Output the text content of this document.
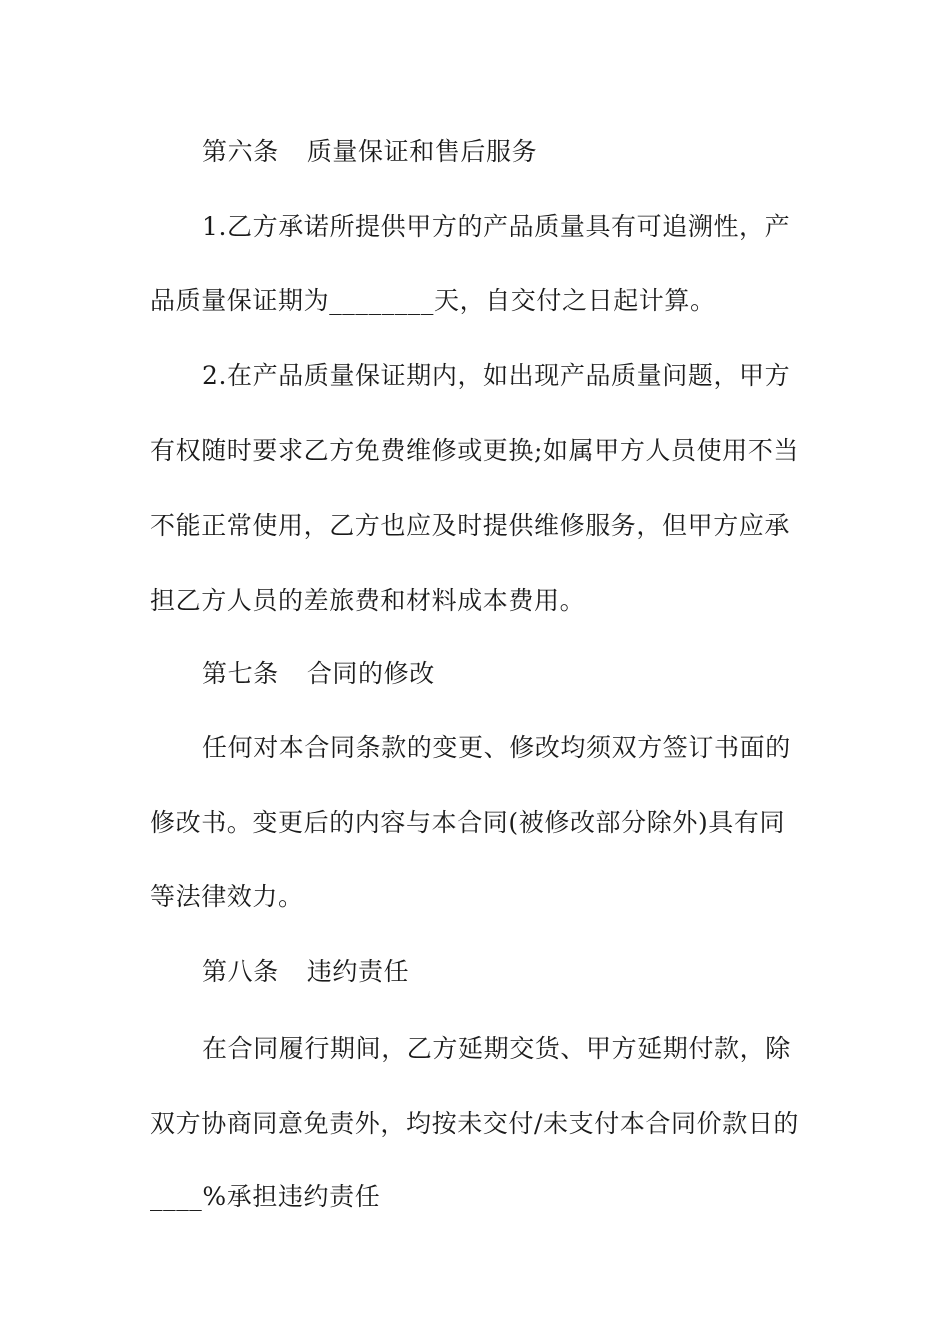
第六条 质量保证和售后服务
1.乙方承诺所提供甲方的产品质量具有可追溯性，产
品质量保证期为________天，自交付之日起计算。
2.在产品质量保证期内，如出现产品质量问题，甲方
有权随时要求乙方免费维修或更换;如属甲方人员使用不当
不能正常使用，乙方也应及时提供维修服务，但甲方应承
担乙方人员的差旅费和材料成本费用。
第七条 合同的修改
任何对本合同条款的变更、修改均须双方签订书面的
修改书。变更后的内容与本合同(被修改部分除外)具有同
等法律效力。
第八条 违约责任
在合同履行期间，乙方延期交货、甲方延期付款，除
双方协商同意免责外，均按未交付/未支付本合同价款日的
____%承担违约责任
